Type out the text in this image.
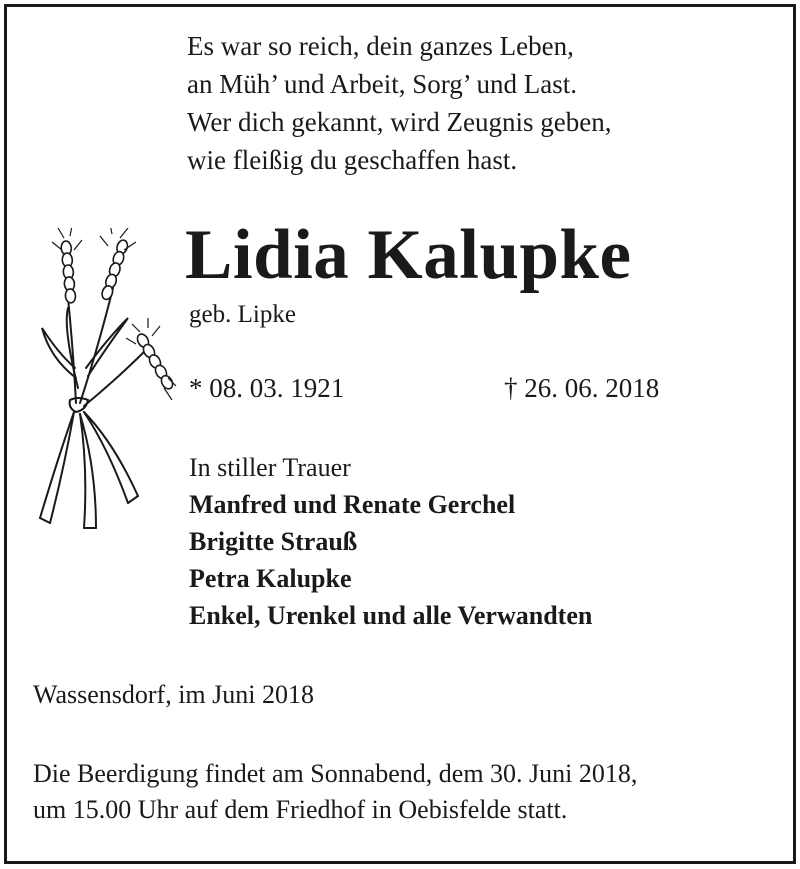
Es war so reich, dein ganzes Leben,
an Müh’ und Arbeit, Sorg’ und Last.
Wer dich gekannt, wird Zeugnis geben,
wie fleißig du geschaffen hast.
Lidia Kalupke
geb. Lipke
* 08. 03. 1921	† 26. 06. 2018
In stiller Trauer
Manfred und Renate Gerchel
Brigitte Strauß
Petra Kalupke
Enkel, Urenkel und alle Verwandten
Wassensdorf, im Juni 2018
Die Beerdigung findet am Sonnabend, dem 30. Juni 2018,
um 15.00 Uhr auf dem Friedhof in Oebisfelde statt.
